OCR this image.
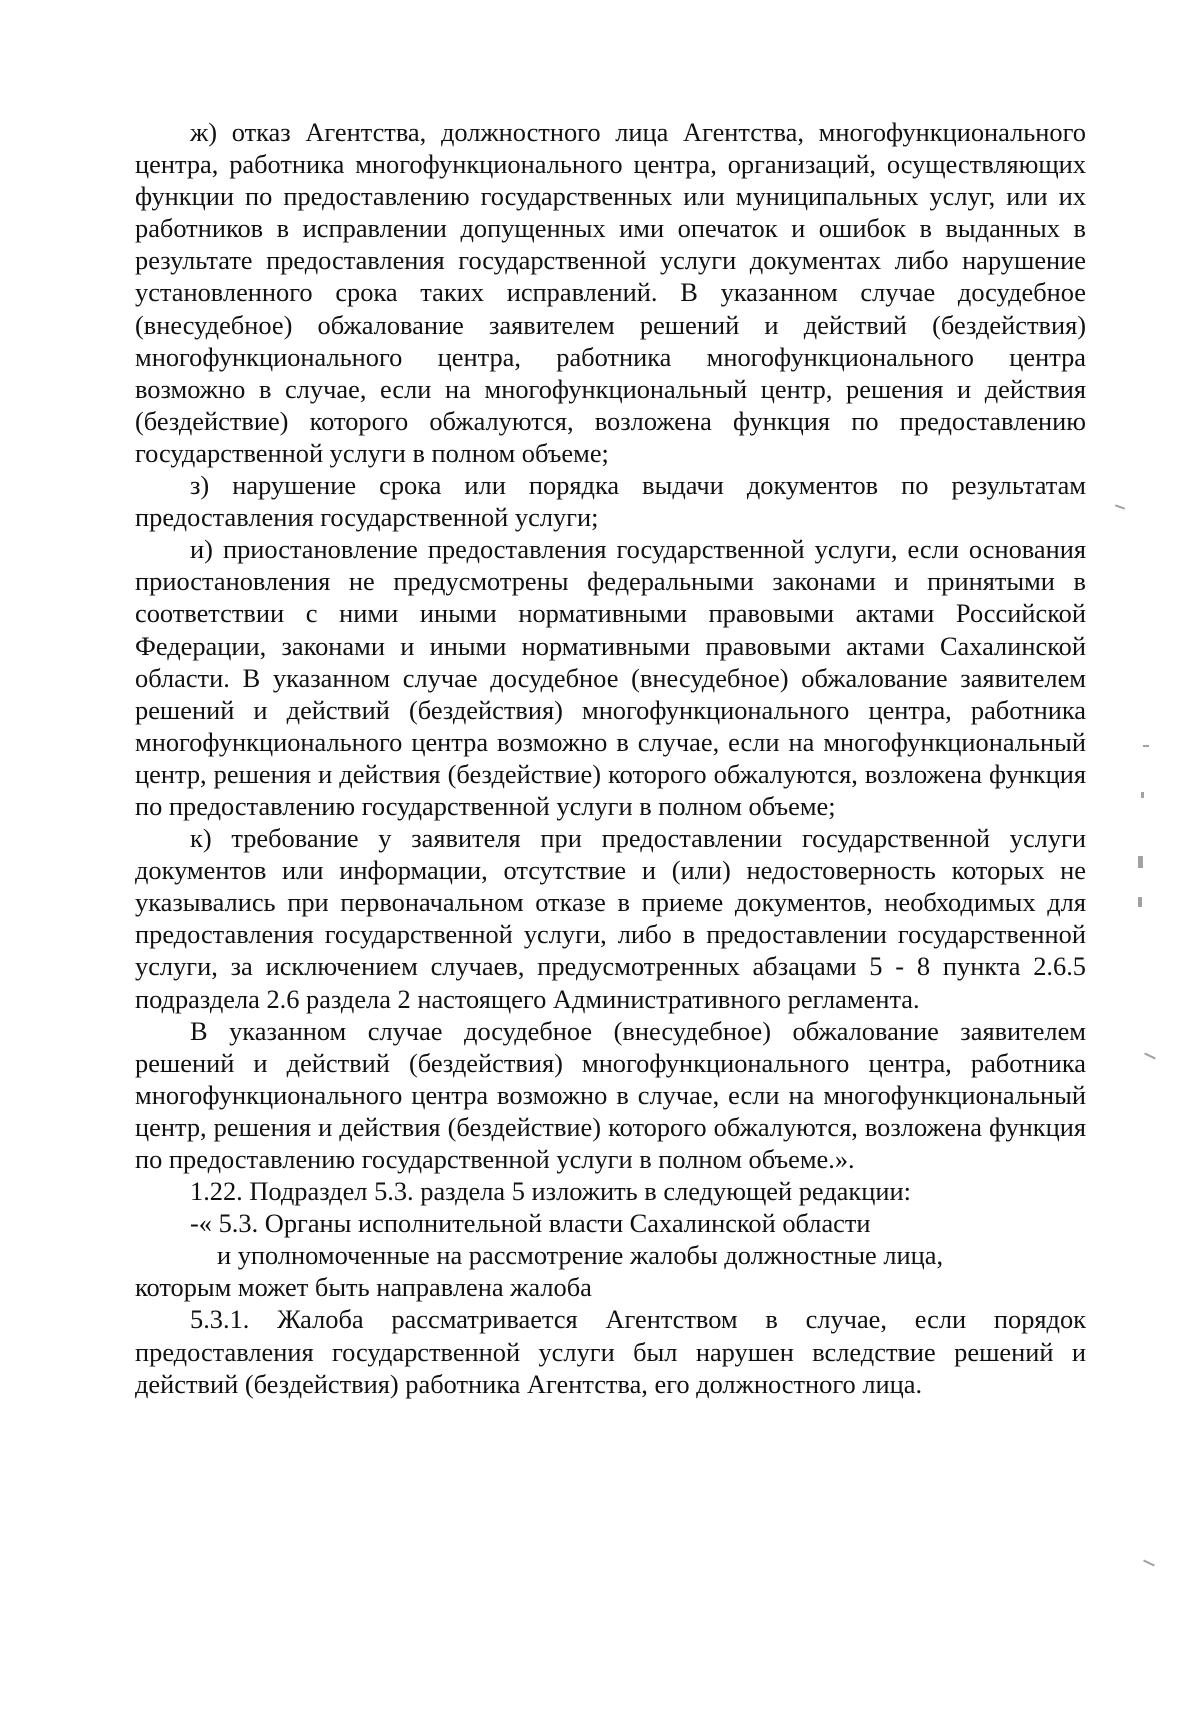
ж) отказ Агентства, должностного лица Агентства, многофункционального центра, работника многофункционального центра, организаций, осуществляющих функции по предоставлению государственных или муниципальных услуг, или их работников в исправлении допущенных ими опечаток и ошибок в выданных в результате предоставления государственной услуги документах либо нарушение установленного срока таких исправлений. В указанном случае досудебное (внесудебное) обжалование заявителем решений и действий (бездействия) многофункционального центра, работника многофункционального центра возможно в случае, если на многофункциональный центр, решения и действия (бездействие) которого обжалуются, возложена функция по предоставлению государственной услуги в полном объеме;

з) нарушение срока или порядка выдачи документов по результатам предоставления государственной услуги;

и) приостановление предоставления государственной услуги, если основания приостановления не предусмотрены федеральными законами и принятыми в соответствии с ними иными нормативными правовыми актами Российской Федерации, законами и иными нормативными правовыми актами Сахалинской области. В указанном случае досудебное (внесудебное) обжалование заявителем решений и действий (бездействия) многофункционального центра, работника многофункционального центра возможно в случае, если на многофункциональный центр, решения и действия (бездействие) которого обжалуются, возложена функция по предоставлению государственной услуги в полном объеме;

к) требование у заявителя при предоставлении государственной услуги документов или информации, отсутствие и (или) недостоверность которых не указывались при первоначальном отказе в приеме документов, необходимых для предоставления государственной услуги, либо в предоставлении государственной услуги, за исключением случаев, предусмотренных абзацами 5 - 8 пункта 2.6.5 подраздела 2.6 раздела 2 настоящего Административного регламента.

В указанном случае досудебное (внесудебное) обжалование заявителем решений и действий (бездействия) многофункционального центра, работника многофункционального центра возможно в случае, если на многофункциональный центр, решения и действия (бездействие) которого обжалуются, возложена функция по предоставлению государственной услуги в полном объеме.».

1.22. Подраздел 5.3. раздела 5 изложить в следующей редакции:

-« 5.3. Органы исполнительной власти Сахалинской области

и уполномоченные на рассмотрение жалобы должностные лица,

которым может быть направлена жалоба

5.3.1. Жалоба рассматривается Агентством в случае, если порядок предоставления государственной услуги был нарушен вследствие решений и действий (бездействия) работника Агентства, его должностного лица.
